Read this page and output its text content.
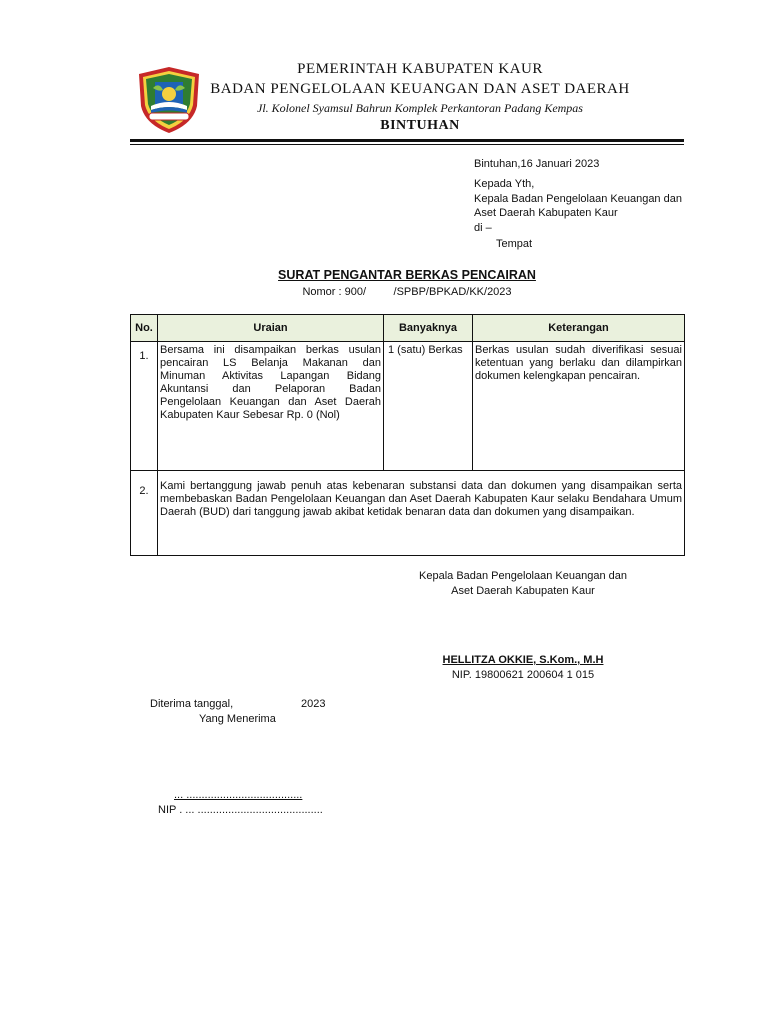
PEMERINTAH KABUPATEN KAUR
BADAN PENGELOLAAN KEUANGAN DAN ASET DAERAH
Jl. Kolonel Syamsul Bahrun Komplek Perkantoran Padang Kempas
BINTUHAN
Bintuhan,16 Januari 2023
Kepada Yth,
Kepala Badan Pengelolaan Keuangan dan
Aset Daerah Kabupaten Kaur
di –
Tempat
SURAT PENGANTAR BERKAS PENCAIRAN
Nomor : 900/         /SPBP/BPKAD/KK/2023
No.	Uraian	Banyaknya	Keterangan
1.	Bersama ini disampaikan berkas usulan pencairan LS Belanja Makanan dan Minuman Aktivitas Lapangan Bidang Akuntansi dan Pelaporan Badan Pengelolaan Keuangan dan Aset Daerah Kabupaten Kaur Sebesar Rp. 0 (Nol)	1 (satu) Berkas	Berkas usulan sudah diverifikasi sesuai ketentuan yang berlaku dan dilampirkan dokumen kelengkapan pencairan.
2.	Kami bertanggung jawab penuh atas kebenaran substansi data dan dokumen yang disampaikan serta membebaskan Badan Pengelolaan Keuangan dan Aset Daerah Kabupaten Kaur selaku Bendahara Umum Daerah (BUD) dari tanggung jawab akibat ketidak benaran data dan dokumen yang disampaikan.		
Kepala Badan Pengelolaan Keuangan dan
Aset Daerah Kabupaten Kaur
HELLITZA OKKIE, S.Kom., M.H
NIP. 19800621 200604 1 015
Diterima tanggal,	2023
Yang Menerima
... ......................................
NIP . ... .........................................
